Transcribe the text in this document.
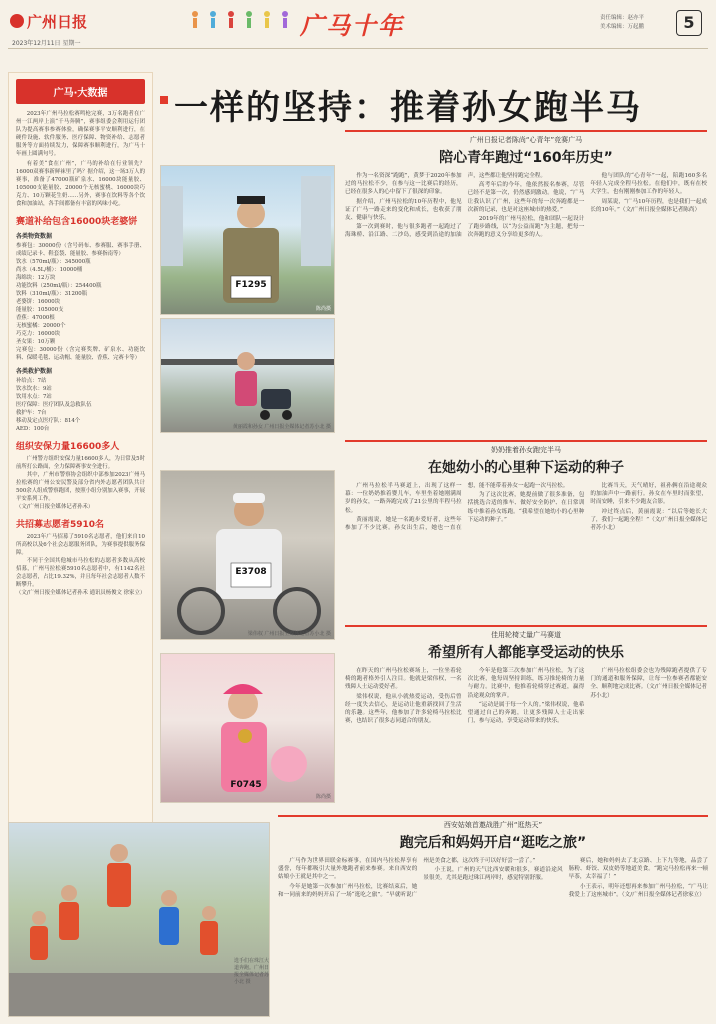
广州日报
2023年12月11日 星期一
广马十年	责任编辑：赵亦平
美术编辑：万起鹏	5
广马·大数据
2023年广州马拉松赛鸣枪完赛，3万名跑者在广州一江两岸上演“千马奔腾”，赛事组委会利用运行团队为提高赛事参赛体验，确保赛事平安顺利进行，在硬件设施、软件服务、医疗保障、物资补给、志愿者服务等方面持续发力，保障赛事顺利进行，为广马十年画上圆满句号。
有着美“食在广州”，广马的补给在行业领先？16000双赛事新鲜袜里了吗？据介绍，这一场3万人的赛事，准备了47000瓶矿泉水、16000块能量胶、105000支能量胶、20000个无核蜜桃、16000块巧克力、10万颗花生奶……另外，赛事在饮料等各个饮食和加油站，各手间都备有丰富的风味小吃。
赛道补给包含16000块老婆饼
各类物资数据
参赛包：30000份（含号码布、参赛服、赛事手册、成绩记录卡、鞋套袋、能量胶、参赛指南等）
饮水（570ml/瓶）：345000瓶
尚水（4.5L/桶）：10000桶
海绵块：12万块
功能饮料（250ml/瓶）：254400瓶
饮料（310ml/瓶）：31200瓶
老婆饼：16000块
能量胶：105000支
香蕉：47000根
无核蜜橘：20000个
巧克力：16000块
圣女果：10万颗
完赛包：30000份（含完赛奖牌、矿泉水、功能饮料、保暖毛毯、运动帽、能量胶、香蕉、完赛卡等）
各类救护数据
补给点：7站
饮水饮水：9站
饮用水点：7站
医疗保障：医疗团队及急救队伍
救护车：7台
移动及定点医疗队：814个
AED：100台
组织安保力量16600多人
广州警方组织安保力量16600多人，为日常及5时前所打公路面，全力保障赛事安全进行。
其中，广州市警察协会组织中部参加2023广州马拉松赛的广州公安民警及部分省内外志愿者团队共计500余人组成警察跑团，按照小组分别加入赛事，开展平安系列工作。
（文/广州日报全媒体记者孙禾）
共招募志愿者5910名
2023年广马招募了5910名志愿者，他们来自10所高校以及6个社会志愿服务团队，为赛事提供服务保障。
不同于全国其他城市马拉松的志愿者多数从高校招募，广州马拉松赛5910名志愿者中，有1142名社会志愿者，占比19.32%，并且每年社会志愿者人数不断攀升。
（文/广州日报全媒体记者孙禾 通讯员杨俊文 徐家立）
一样的坚持：推着孙女跑半马
F1295
陈尚摄
黄丽霞和孙女 广州日报全媒体记者苏小北 摄
E3708
梁伟权 广州日报全媒体记者苏小北 摄
F0745
陈尚摄
选手们在珠江大道奔跑。广州日报全媒体记者苏小北 摄
广州日报记者陈尚“心青年”竞赛广马
陪心青年跑过“160年历史”

作为一名资深“跑跑”，黄梦于2020年参加过的马拉松不少，在参与这一比赛后的经历，已经在很多人的心中留下了很深的印象。

据介绍，广州马拉松的10年历程中，他见证了广马一路走来的变化和成长，也收获了朋友、健康与快乐。

第一次到赛时，他与很多跑者一起跑过了海珠桥、沿江路、二沙岛，感受到沿途的加油声，这些都让他坚持跑完全程。

高考年后的今年，他依然报名参赛，尽管已经不是第一次，仍然感到激动。他说，“广马让我认识了广州，这些年的每一次奔跑都是一次新的记录，也是对这座城市的热爱。”

2019年的广州马拉松，他和团队一起设计了跑步路线，以“为公益而跑”为主题，把每一次奔跑的意义分享给更多的人。

他与团队的“心青年”一起，陪跑160多名年轻人完成全程马拉松。在他们中，既有在校大学生，也有刚刚参加工作的年轻人。

周某说，“广马10年历程，也是我们一起成长的10年。”（文/广州日报全媒体记者陈尚）

奶奶推着孙女跑完半马
在她幼小的心里种下运动的种子

广州马拉松半马赛道上，出现了这样一幕：一位奶奶推着婴儿车，车里坐着她刚满周岁的孙女，一路奔跑完成了21公里的半程马拉松。

黄丽霞说，她是一名跑步爱好者，这些年参加了不少比赛。孙女出生后，她也一直在想，能不能带着孙女一起跑一次马拉松。

为了这次比赛，她提前做了很多准备，包括挑选合适的推车、做好安全防护、在日常训练中推着孙女练跑。“我希望在她幼小的心里种下运动的种子。”

比赛当天，天气晴好，祖孙俩在沿途观众的加油声中一路前行。孙女在车里时而张望，时而安睡，引来不少跑友合影。

冲过终点后，黄丽霞说：“以后等她长大了，我们一起跑全程！”（文/广州日报全媒体记者苏小北）

佳用轮椅丈量广马赛道
希望所有人都能享受运动的快乐

在昨天的广州马拉松赛场上，一位坐着轮椅的跑者格外引人注目。他就是梁伟权，一名残障人士运动爱好者。

梁伟权说，他从小就热爱运动，受伤后曾经一度失去信心，是运动让他重新找回了生活的乐趣。这些年，他参加了许多轮椅马拉松比赛，也结识了很多志同道合的朋友。

今年是他第三次参加广州马拉松，为了这次比赛，他每周坚持训练，练习推轮椅的力量与耐力。比赛中，他推着轮椅穿过赛道，赢得沿途观众的掌声。

“运动是属于每一个人的。”梁伟权说，他希望通过自己的奔跑，让更多残障人士走出家门，参与运动，享受运动带来的快乐。

广州马拉松组委会也为残障跑者提供了专门的通道和服务保障，让每一位参赛者都能安全、顺利地完成比赛。（文/广州日报全媒体记者苏小北）

西安姑娘首邀战胜广州“逛热天”
跑完后和妈妈开启“逛吃之旅”

广马作为世界田联金标赛事，在国内马拉松界享有盛誉，每年都吸引大量外地跑者前来参赛。来自西安的姑娘小王就是其中之一。

今年是她第一次参加广州马拉松，比赛结束后，她和一同前来的妈妈开启了一场“逛吃之旅”。“早就听说广州是美食之都，这次终于可以好好尝一尝了。”

小王说，广州的天气比西安暖和很多，赛道沿途风景很美，尤其是跑过珠江两岸时，感觉特别舒服。

赛后，她和妈妈去了北京路、上下九等地，品尝了肠粉、虾饺、双皮奶等地道美食。“跑完马拉松再来一顿早茶，太幸福了！”

小王表示，明年还想再来参加广州马拉松，“广马让我爱上了这座城市”。（文/广州日报全媒体记者徐家立）
